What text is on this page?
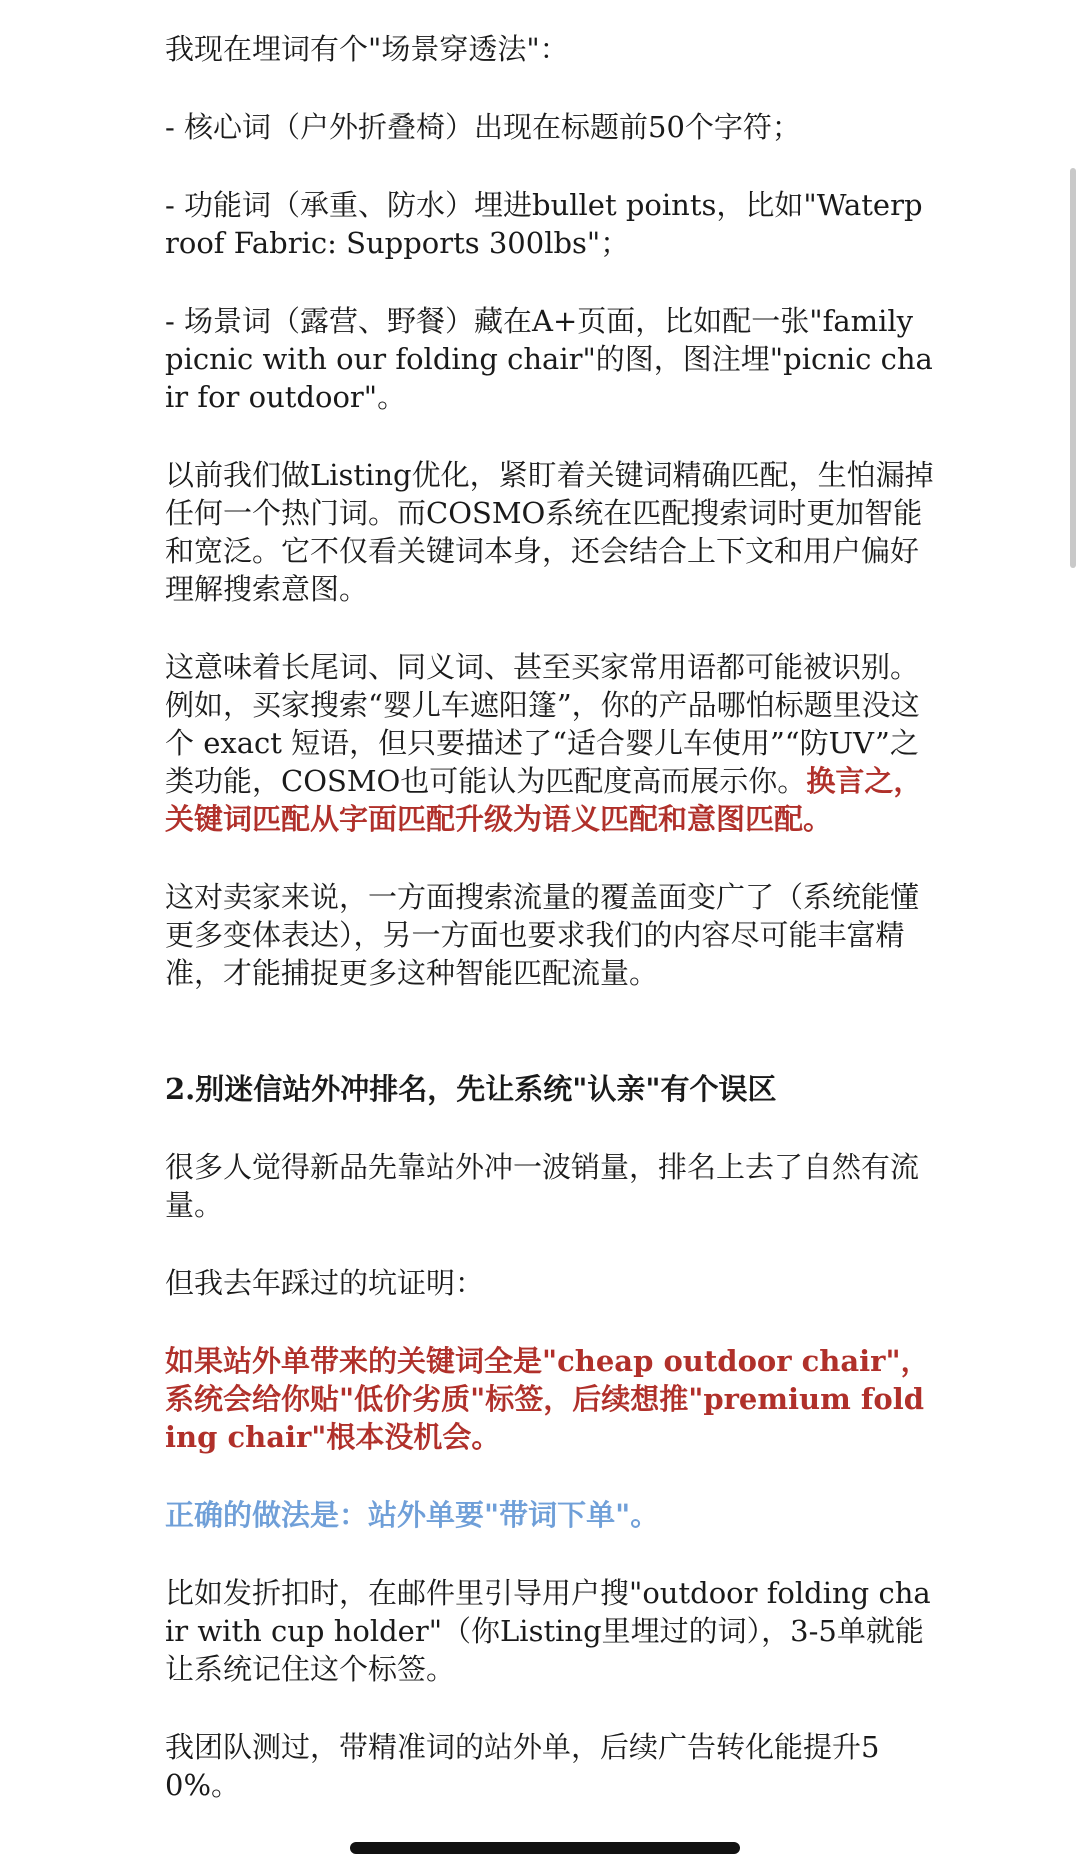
我现在埋词有个"场景穿透法"：

- 核心词（户外折叠椅）出现在标题前50个字符；

- 功能词（承重、防水）埋进bullet points，比如"Waterproof Fabric: Supports 300lbs"；

- 场景词（露营、野餐）藏在A+页面，比如配一张"family picnic with our folding chair"的图，图注埋"picnic chair for outdoor"。

以前我们做Listing优化，紧盯着关键词精确匹配，生怕漏掉任何一个热门词。而COSMO系统在匹配搜索词时更加智能和宽泛。它不仅看关键词本身，还会结合上下文和用户偏好理解搜索意图。

这意味着长尾词、同义词、甚至买家常用语都可能被识别。例如，买家搜索“婴儿车遮阳篷”，你的产品哪怕标题里没这个 exact 短语，但只要描述了“适合婴儿车使用”“防UV”之类功能，COSMO也可能认为匹配度高而展示你。换言之，关键词匹配从字面匹配升级为语义匹配和意图匹配。

这对卖家来说，一方面搜索流量的覆盖面变广了（系统能懂更多变体表达），另一方面也要求我们的内容尽可能丰富精准，才能捕捉更多这种智能匹配流量。

2.别迷信站外冲排名，先让系统"认亲"有个误区

很多人觉得新品先靠站外冲一波销量，排名上去了自然有流量。

但我去年踩过的坑证明：

如果站外单带来的关键词全是"cheap outdoor chair"，系统会给你贴"低价劣质"标签，后续想推"premium folding chair"根本没机会。

正确的做法是：站外单要"带词下单"。

比如发折扣时，在邮件里引导用户搜"outdoor folding chair with cup holder"（你Listing里埋过的词），3-5单就能让系统记住这个标签。

我团队测过，带精准词的站外单，后续广告转化能提升50%。
